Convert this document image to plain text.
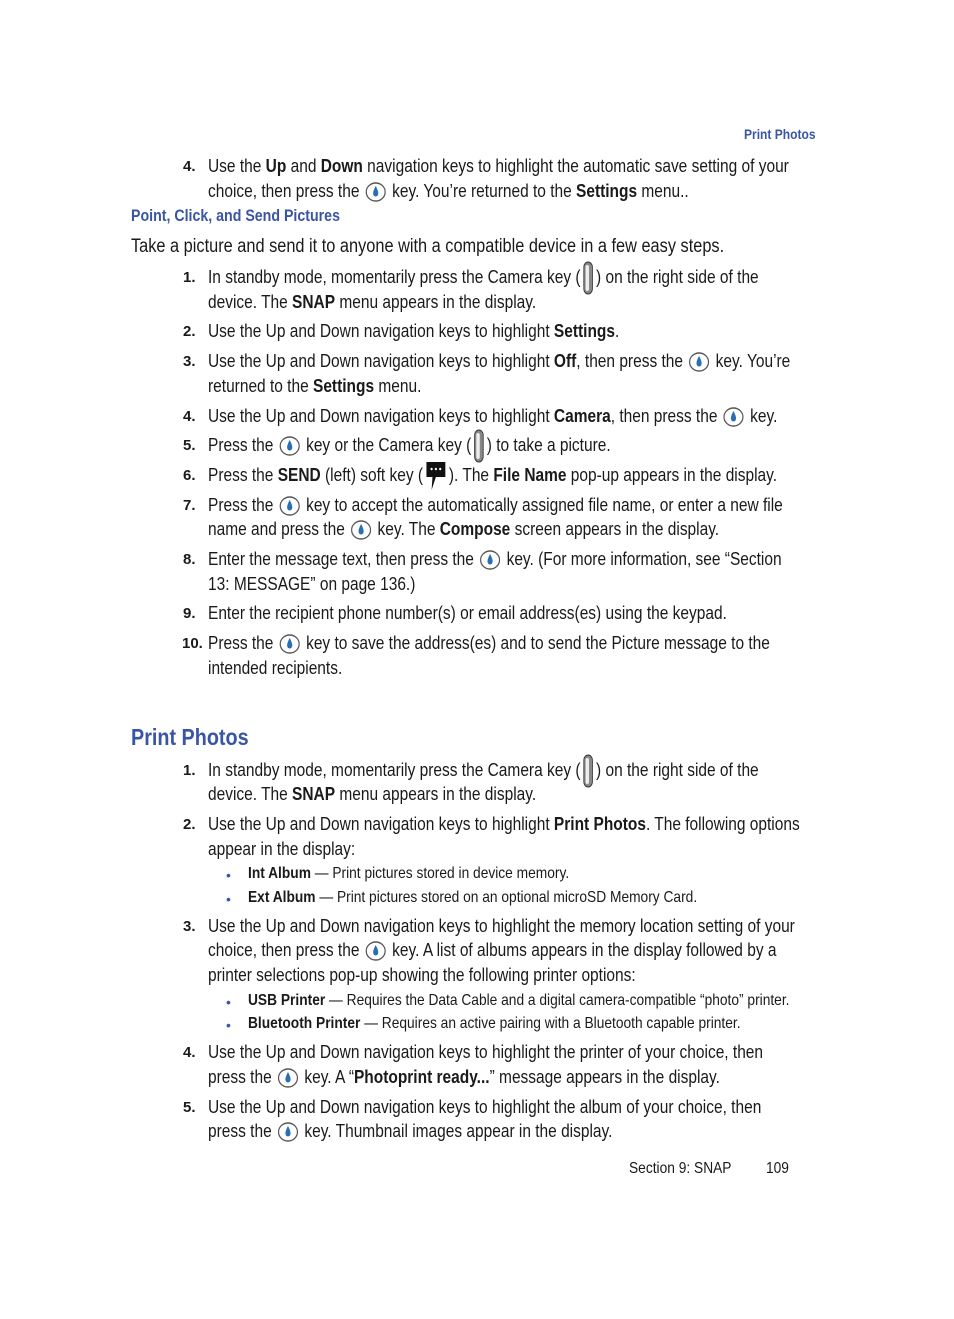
Print Photos
4. Use the Up and Down navigation keys to highlight the automatic save setting of your
choice, then press the  key. You’re returned to the Settings menu..
Point, Click, and Send Pictures
Take a picture and send it to anyone with a compatible device in a few easy steps.
1. In standby mode, momentarily press the Camera key ( ) on the right side of the
device. The SNAP menu appears in the display.
2. Use the Up and Down navigation keys to highlight Settings.
3. Use the Up and Down navigation keys to highlight Off, then press the  key. You’re
returned to the Settings menu.
4. Use the Up and Down navigation keys to highlight Camera, then press the  key.
5. Press the  key or the Camera key ( ) to take a picture.
6. Press the SEND (left) soft key ( ). The File Name pop-up appears in the display.
7. Press the  key to accept the automatically assigned file name, or enter a new file
name and press the  key. The Compose screen appears in the display.
8. Enter the message text, then press the  key. (For more information, see “Section
13: MESSAGE” on page 136.)
9. Enter the recipient phone number(s) or email address(es) using the keypad.
10. Press the  key to save the address(es) and to send the Picture message to the
intended recipients.
Print Photos
1. In standby mode, momentarily press the Camera key ( ) on the right side of the
device. The SNAP menu appears in the display.
2. Use the Up and Down navigation keys to highlight Print Photos. The following options
appear in the display:
• Int Album — Print pictures stored in device memory.
• Ext Album — Print pictures stored on an optional microSD Memory Card.
3. Use the Up and Down navigation keys to highlight the memory location setting of your
choice, then press the  key. A list of albums appears in the display followed by a
printer selections pop-up showing the following printer options:
• USB Printer — Requires the Data Cable and a digital camera-compatible “photo” printer.
• Bluetooth Printer — Requires an active pairing with a Bluetooth capable printer.
4. Use the Up and Down navigation keys to highlight the printer of your choice, then
press the  key. A “Photoprint ready...” message appears in the display.
5. Use the Up and Down navigation keys to highlight the album of your choice, then
press the  key. Thumbnail images appear in the display.
Section 9: SNAP 109
